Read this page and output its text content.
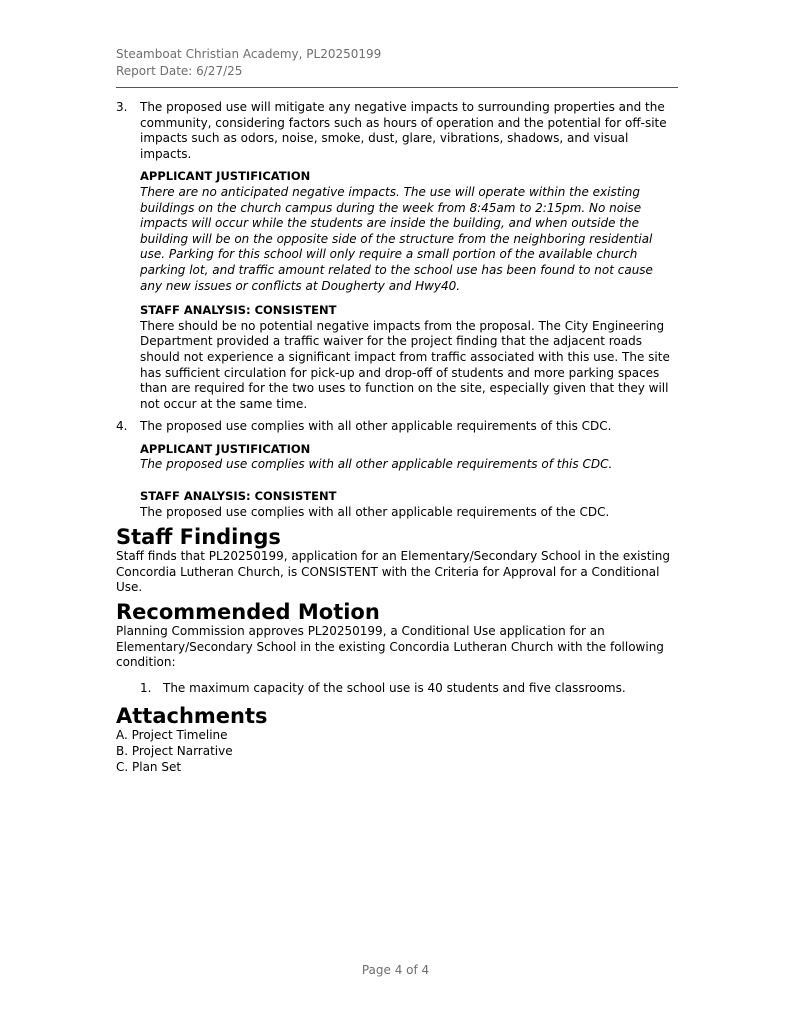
Steamboat Christian Academy, PL20250199
Report Date: 6/27/25
3. The proposed use will mitigate any negative impacts to surrounding properties and the community, considering factors such as hours of operation and the potential for off-site impacts such as odors, noise, smoke, dust, glare, vibrations, shadows, and visual impacts.
APPLICANT JUSTIFICATION
There are no anticipated negative impacts. The use will operate within the existing buildings on the church campus during the week from 8:45am to 2:15pm. No noise impacts will occur while the students are inside the building, and when outside the building will be on the opposite side of the structure from the neighboring residential use. Parking for this school will only require a small portion of the available church parking lot, and traffic amount related to the school use has been found to not cause any new issues or conflicts at Dougherty and Hwy40.
STAFF ANALYSIS: CONSISTENT
There should be no potential negative impacts from the proposal. The City Engineering Department provided a traffic waiver for the project finding that the adjacent roads should not experience a significant impact from traffic associated with this use. The site has sufficient circulation for pick-up and drop-off of students and more parking spaces than are required for the two uses to function on the site, especially given that they will not occur at the same time.
4. The proposed use complies with all other applicable requirements of this CDC.
APPLICANT JUSTIFICATION
The proposed use complies with all other applicable requirements of this CDC.
STAFF ANALYSIS: CONSISTENT
The proposed use complies with all other applicable requirements of the CDC.
Staff Findings
Staff finds that PL20250199, application for an Elementary/Secondary School in the existing Concordia Lutheran Church, is CONSISTENT with the Criteria for Approval for a Conditional Use.
Recommended Motion
Planning Commission approves PL20250199, a Conditional Use application for an Elementary/Secondary School in the existing Concordia Lutheran Church with the following condition:
1. The maximum capacity of the school use is 40 students and five classrooms.
Attachments
A. Project Timeline
B. Project Narrative
C. Plan Set
Page 4 of 4
